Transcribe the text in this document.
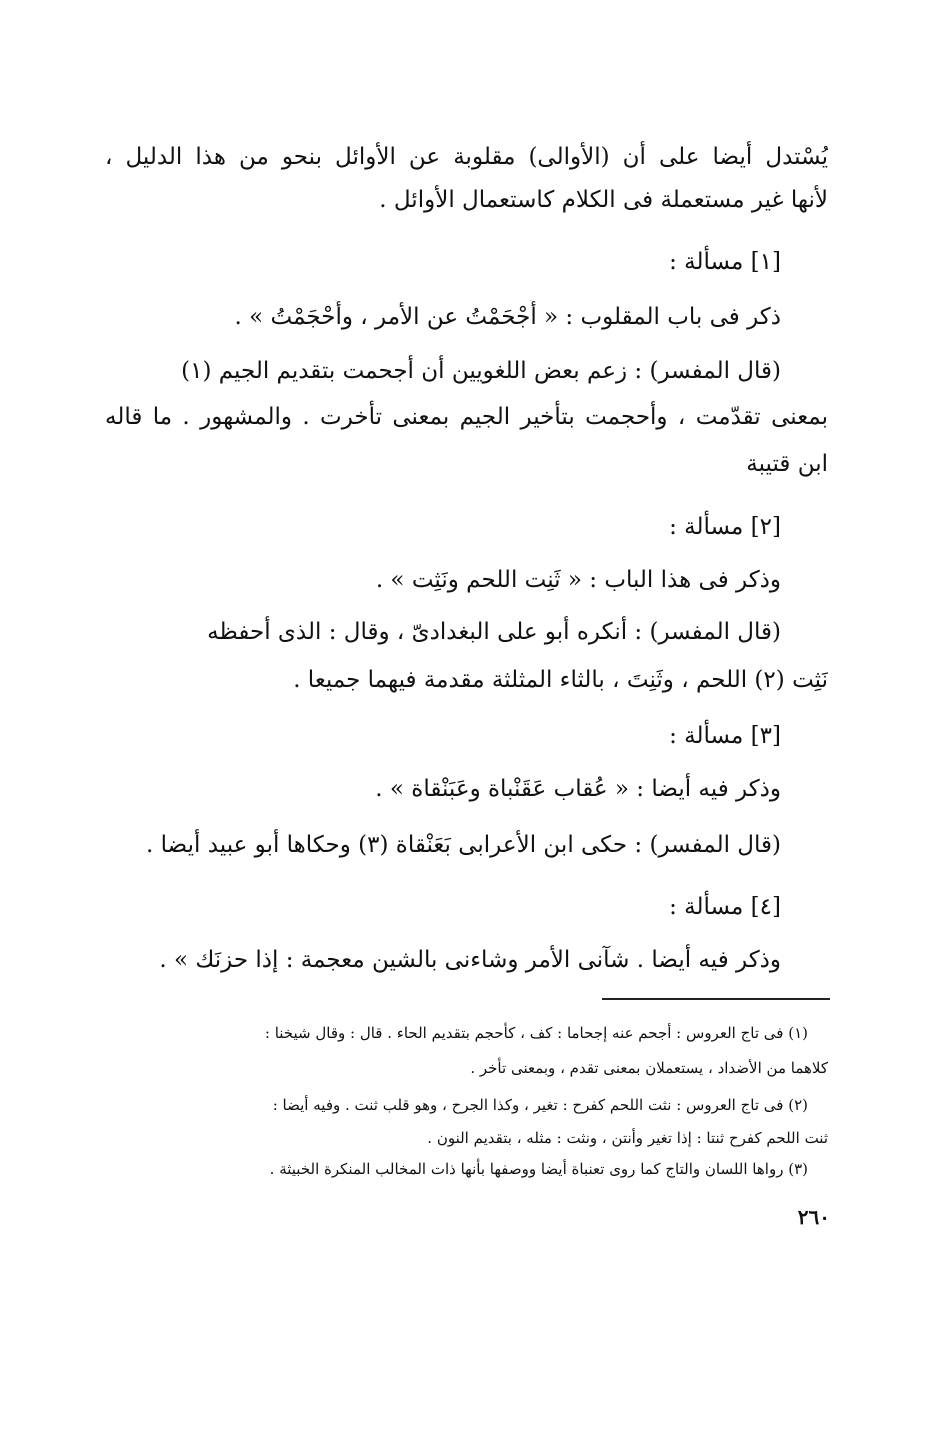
يُسْتدل أيضا على أن (الأوالى) مقلوبة عن الأوائل بنحو من هذا الدليل ،
لأنها غير مستعملة فى الكلام كاستعمال الأوائل .
[١] مسألة :
ذكر فى باب المقلوب : « أَجْحَمْتُ عن الأمر ، وأَحْجَمْتُ » .
(قال المفسر) : زعم بعض اللغويين أن أجحمت بتقديم الجيم (١)
بمعنى تقدّمت ، وأحجمت بتأخير الجيم بمعنى تأخرت . والمشهور . ما قاله
ابن قتيبة
[٢] مسألة :
وذكر فى هذا الباب : « ثَنِت اللحم ونَثِت » .
(قال المفسر) : أنكره أبو على البغدادىّ ، وقال : الذى أحفظه
نَثِت (٢) اللحم ، وثَنِتَ ، بالثاء المثلثة مقدمة فيهما جميعا .
[٣] مسألة :
وذكر فيه أيضا : « عُقاب عَقَنْباة وعَبَنْقاة » .
(قال المفسر) : حكى ابن الأعرابى بَعَنْقاة (٣) وحكاها أبو عبيد أيضا .
[٤] مسألة :
وذكر فيه أيضا . شآنى الأمر وشاءنى بالشين معجمة : إذا حزنَك » .
(١) فى تاج العروس : أجحم عنه إجحاما : كف ، كأحجم بتقديم الحاء . قال : وقال شيخنا :
كلاهما من الأضداد ، يستعملان بمعنى تقدم ، وبمعنى تأخر .
(٢) فى تاج العروس : نثت اللحم كفرح : تغير ، وكذا الجرح ، وهو قلب ثنت . وفيه أيضا :
ثنت اللحم كفرح ثنتا : إذا تغير وأنتن ، ونثت : مثله ، بتقديم النون .
(٣) رواها اللسان والتاج كما روى تعنباة أيضا ووصفها بأنها ذات المخالب المنكرة الخبيثة .
٢٦٠
